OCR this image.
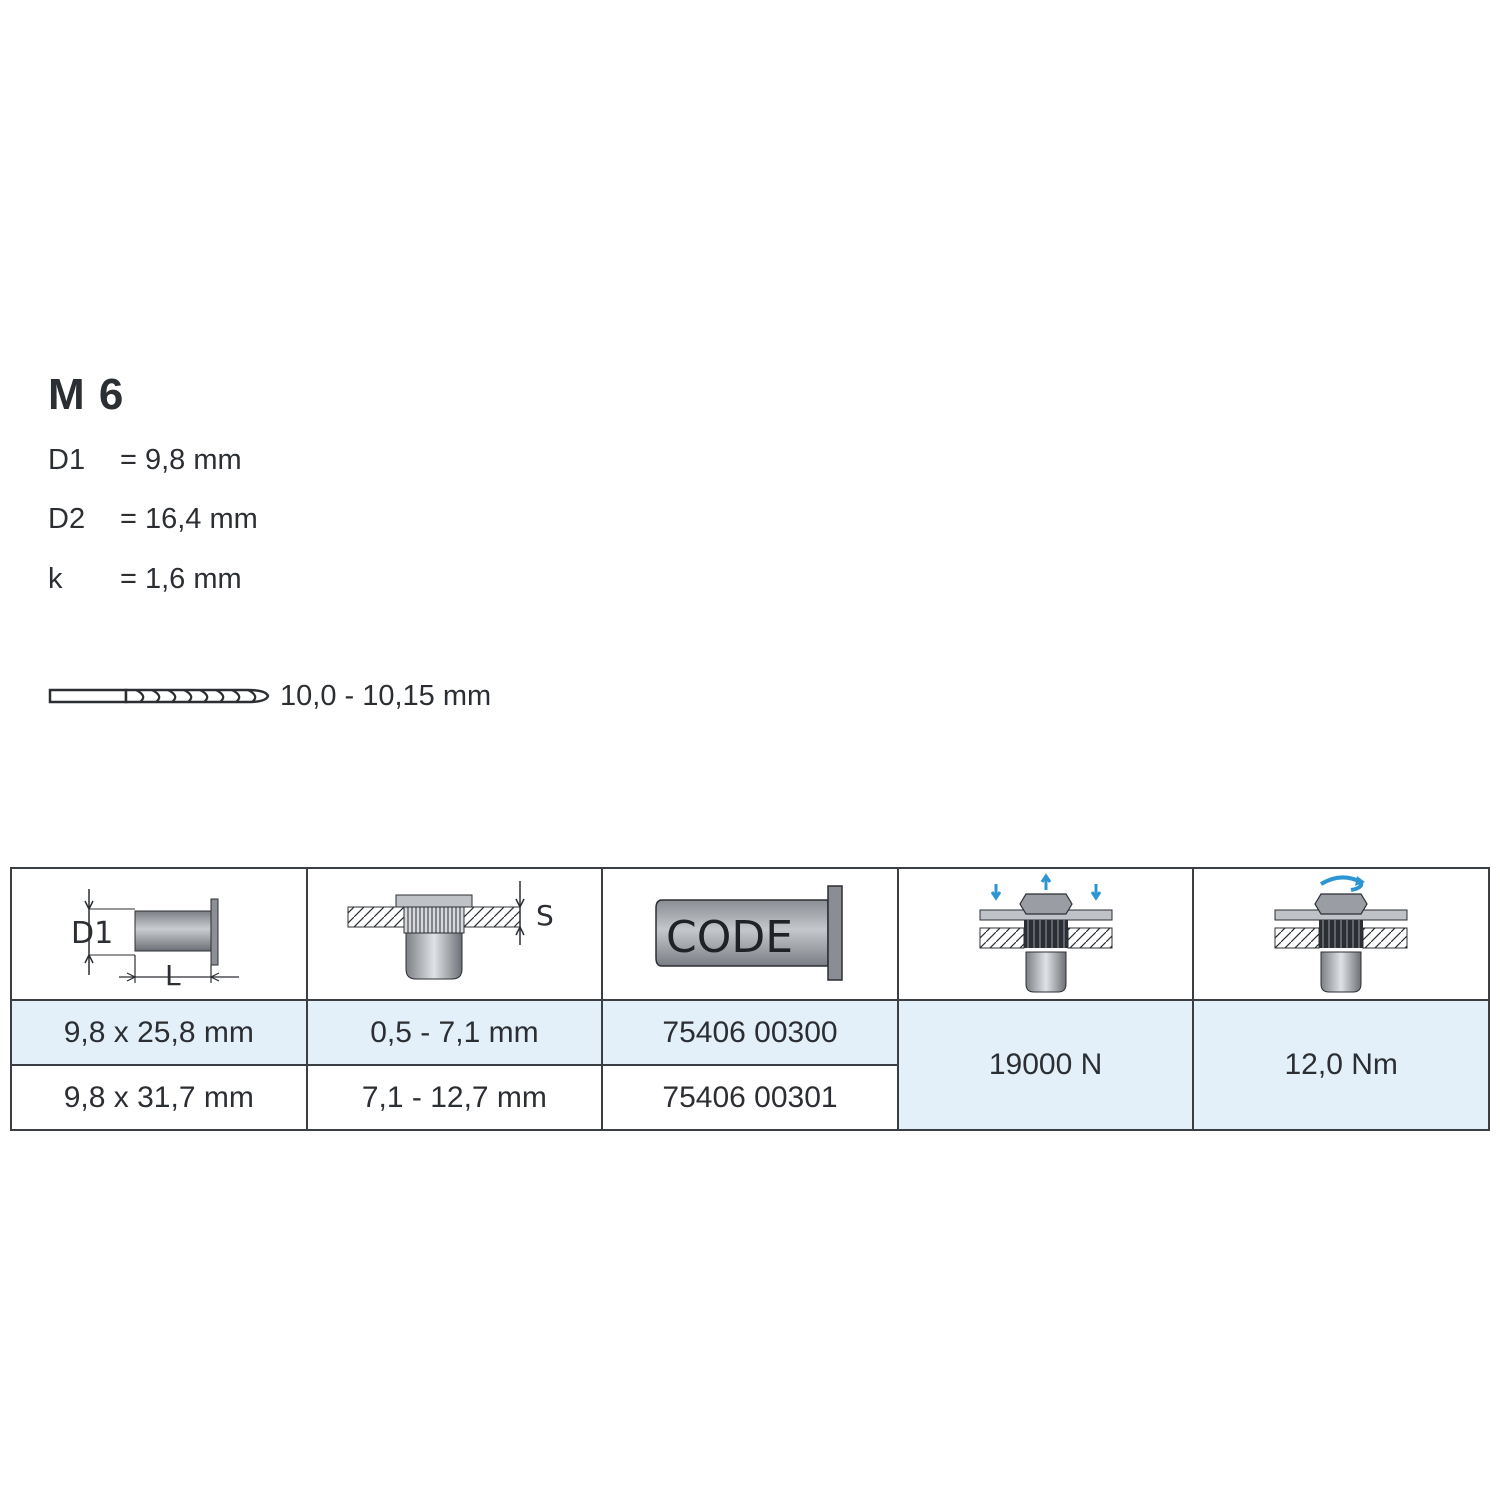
M 6
D1 = 9,8 mm
D2 = 16,4 mm
k = 1,6 mm
10,0 - 10,15 mm
D1
L	S	CODE

9,8 x 25,8 mm	0,5 - 7,1 mm	75406 00300	19000 N	12,0 Nm
9,8 x 31,7 mm	7,1 - 12,7 mm	75406 00301		
